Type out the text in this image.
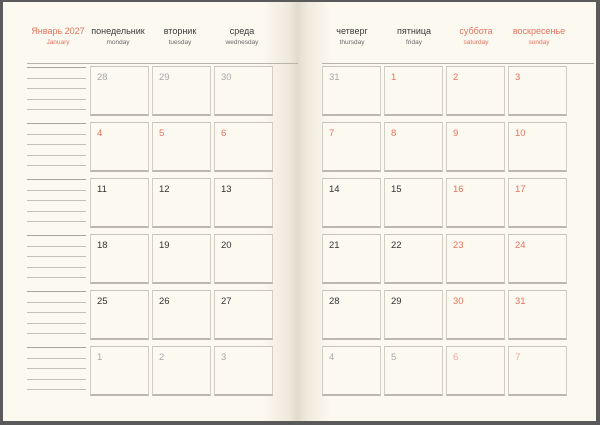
Январь 2027
January
понедельник
monday
вторник
tuesday
среда
wednesday
28	29	30
4	5	6
11	12	13
18	19	20
25	26	27
1	2	3
четверг
thursday
пятница
friday
суббота
saturday
воскресенье
sunday
31	1	2	3
7	8	9	10
14	15	16	17
21	22	23	24
28	29	30	31
4	5	6	7
